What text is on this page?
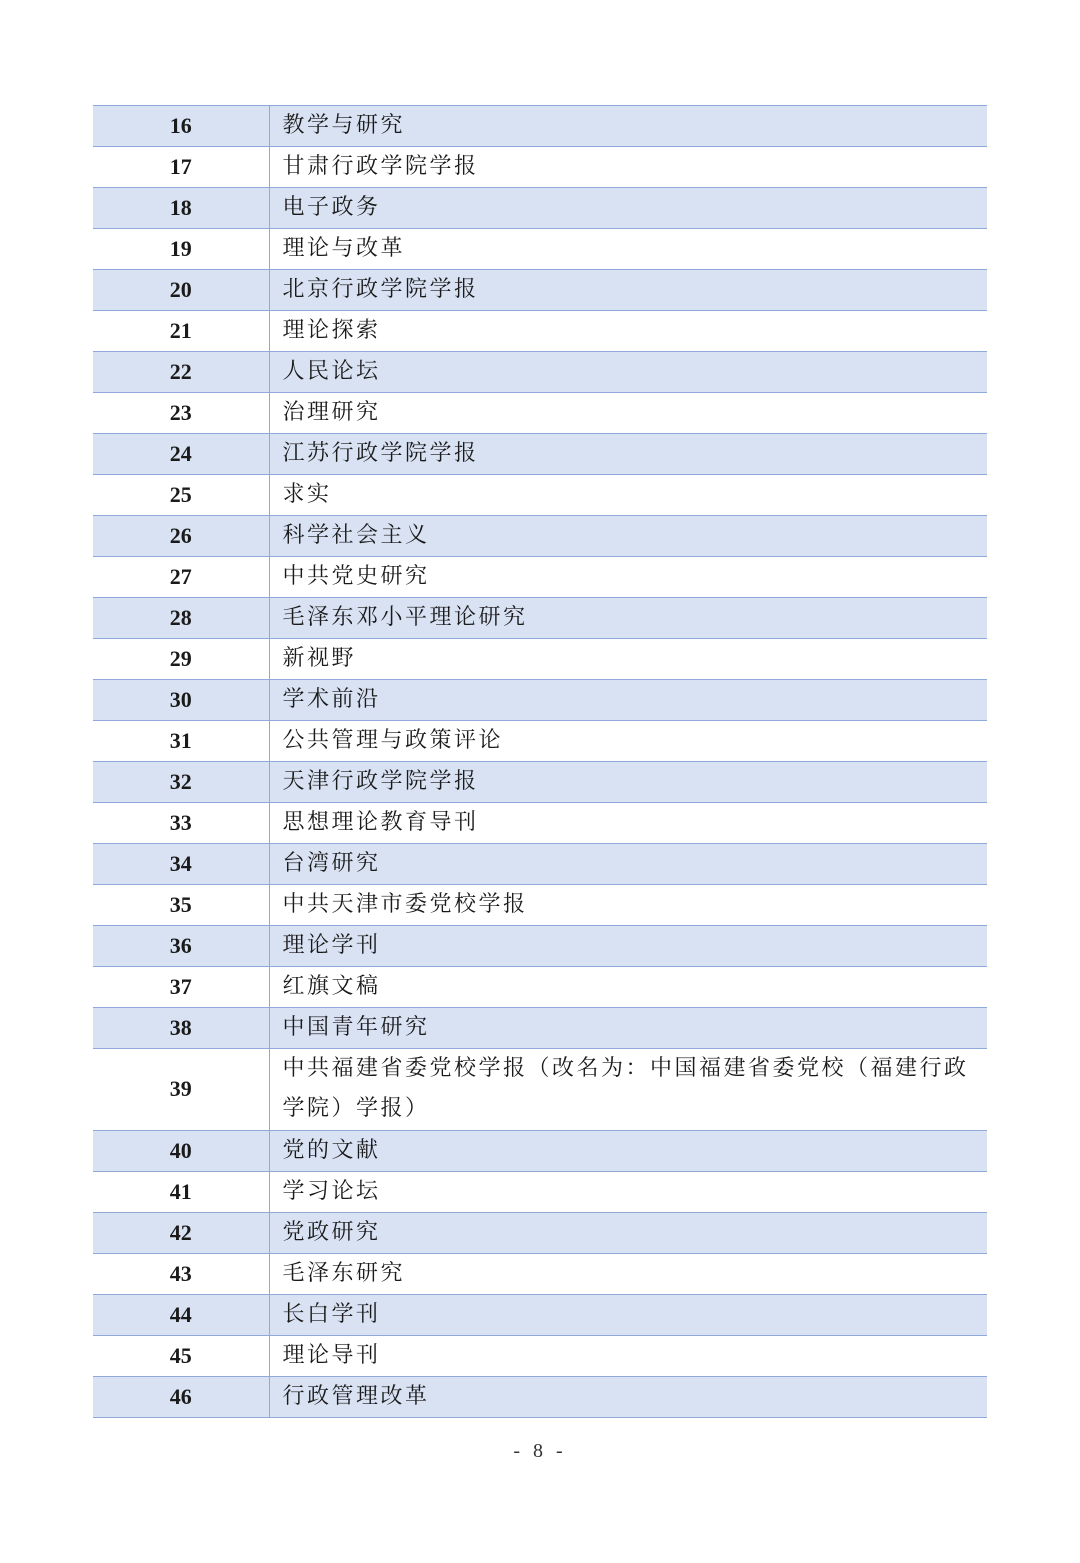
16	教学与研究
17	甘肃行政学院学报
18	电子政务
19	理论与改革
20	北京行政学院学报
21	理论探索
22	人民论坛
23	治理研究
24	江苏行政学院学报
25	求实
26	科学社会主义
27	中共党史研究
28	毛泽东邓小平理论研究
29	新视野
30	学术前沿
31	公共管理与政策评论
32	天津行政学院学报
33	思想理论教育导刊
34	台湾研究
35	中共天津市委党校学报
36	理论学刊
37	红旗文稿
38	中国青年研究
39	中共福建省委党校学报（改名为：中国福建省委党校（福建行政学院）学报）
40	党的文献
41	学习论坛
42	党政研究
43	毛泽东研究
44	长白学刊
45	理论导刊
46	行政管理改革
- 8 -
